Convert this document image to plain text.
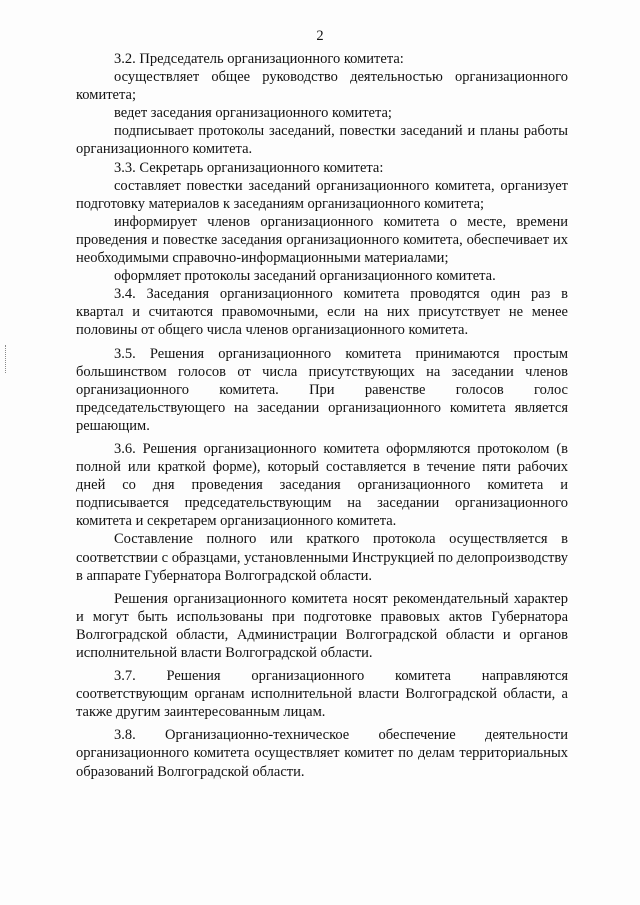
2

3.2. Председатель организационного комитета:

осуществляет общее руководство деятельностью организационного комитета;

ведет заседания организационного комитета;

подписывает протоколы заседаний, повестки заседаний и планы работы организационного комитета.

3.3. Секретарь организационного комитета:

составляет повестки заседаний организационного комитета, организует подготовку материалов к заседаниям организационного комитета;

информирует членов организационного комитета о месте, времени проведения и повестке заседания организационного комитета, обеспечивает их необходимыми справочно-информационными материалами;

оформляет протоколы заседаний организационного комитета.

3.4. Заседания организационного комитета проводятся один раз в квартал и считаются правомочными, если на них присутствует не менее половины от общего числа членов организационного комитета.

3.5. Решения организационного комитета принимаются простым большинством голосов от числа присутствующих на заседании членов организационного комитета. При равенстве голосов голос председательствующего на заседании организационного комитета является решающим.

3.6. Решения организационного комитета оформляются протоколом (в полной или краткой форме), который составляется в течение пяти рабочих дней со дня проведения заседания организационного комитета и подписывается председательствующим на заседании организационного комитета и секретарем организационного комитета.

Составление полного или краткого протокола осуществляется в соответствии с образцами, установленными Инструкцией по делопроизводству в аппарате Губернатора Волгоградской области.

Решения организационного комитета носят рекомендательный характер и могут быть использованы при подготовке правовых актов Губернатора Волгоградской области, Администрации Волгоградской области и органов исполнительной власти Волгоградской области.

3.7. Решения организационного комитета направляются соответствующим органам исполнительной власти Волгоградской области, а также другим заинтересованным лицам.

3.8. Организационно-техническое обеспечение деятельности организационного комитета осуществляет комитет по делам территориальных образований Волгоградской области.
